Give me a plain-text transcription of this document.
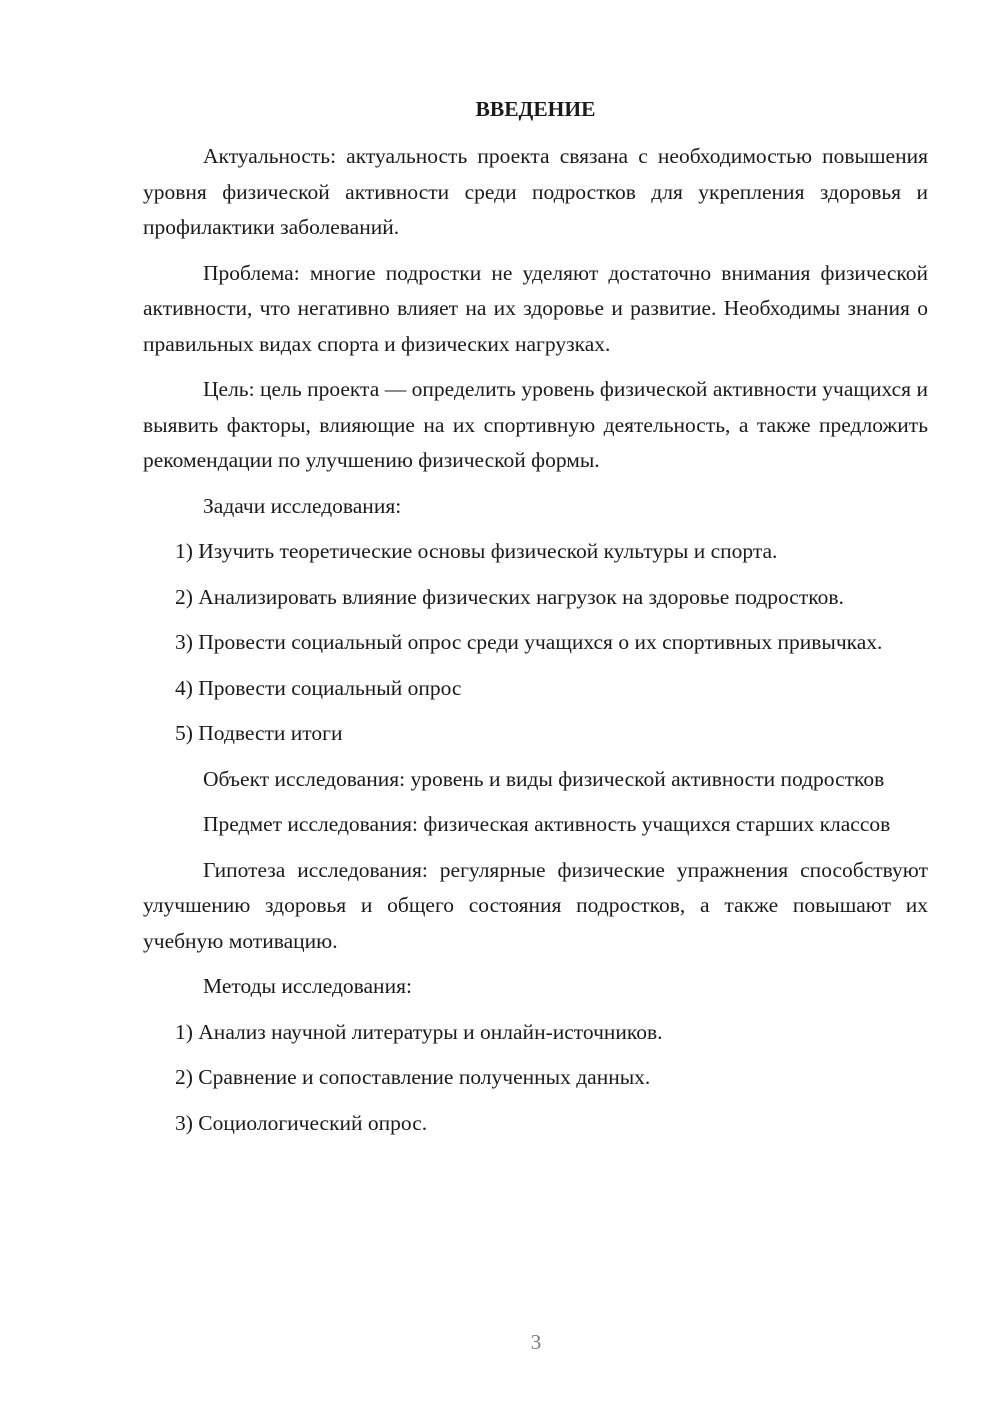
ВВЕДЕНИЕ

Актуальность: актуальность проекта связана с необходимостью повышения уровня физической активности среди подростков для укрепления здоровья и профилактики заболеваний.

Проблема: многие подростки не уделяют достаточно внимания физической активности, что негативно влияет на их здоровье и развитие. Необходимы знания о правильных видах спорта и физических нагрузках.

Цель: цель проекта — определить уровень физической активности учащихся и выявить факторы, влияющие на их спортивную деятельность, а также предложить рекомендации по улучшению физической формы.

Задачи исследования:

1) Изучить теоретические основы физической культуры и спорта.

2) Анализировать влияние физических нагрузок на здоровье подростков.

3) Провести социальный опрос среди учащихся о их спортивных привычках.

4) Провести социальный опрос

5) Подвести итоги

Объект исследования: уровень и виды физической активности подростков

Предмет исследования: физическая активность учащихся старших классов

Гипотеза исследования: регулярные физические упражнения способствуют улучшению здоровья и общего состояния подростков, а также повышают их учебную мотивацию.

Методы исследования:

1) Анализ научной литературы и онлайн-источников.

2) Сравнение и сопоставление полученных данных.

3) Социологический опрос.

3
